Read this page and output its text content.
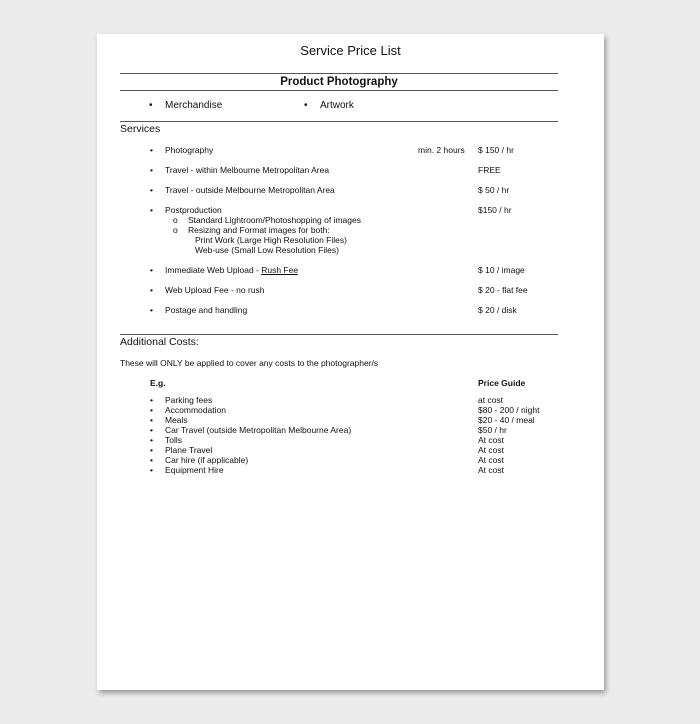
Service Price List
Product Photography
• Merchandise	• Artwork
Services
• Photography	min. 2 hours $ 150 / hr
• Travel - within Melbourne Metropolitan Area	FREE
• Travel - outside Melbourne Metropolitan Area	$ 50 / hr
• Postproduction	$150 / hr
o Standard Lightroom/Photoshopping of images
o Resizing and Format images for both:
Print Work (Large High Resolution Files)
Web-use (Small Low Resolution Files)
• Immediate Web Upload - Rush Fee	$ 10 / image
• Web Upload Fee - no rush	$ 20 - flat fee
• Postage and handling	$ 20 / disk
Additional Costs:
These will ONLY be applied to cover any costs to the photographer/s
E.g.	Price Guide
• Parking fees	at cost
• Accommodation	$80 - 200 / night
• Meals	$20 - 40 / meal
• Car Travel (outside Metropolitan Melbourne Area)	$50 / hr
• Tolls	At cost
• Plane Travel	At cost
• Car hire (if applicable)	At cost
• Equipment Hire	At cost
